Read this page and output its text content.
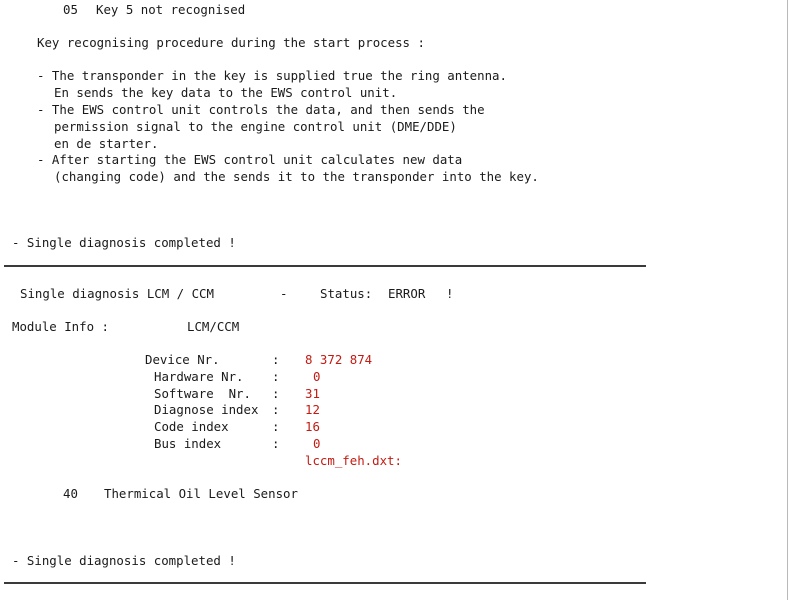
05 Key 5 not recognised
Key recognising procedure during the start process :
- The transponder in the key is supplied true the ring antenna.
En sends the key data to the EWS control unit.
- The EWS control unit controls the data, and then sends the
permission signal to the engine control unit (DME/DDE)
en de starter.
- After starting the EWS control unit calculates new data
(changing code) and the sends it to the transponder into the key.
- Single diagnosis completed !
Single diagnosis LCM / CCM	-	Status: ERROR !
Module Info :	LCM/CCM
Device Nr.	: 8 372 874
Hardware Nr. :	0
Software  Nr. : 31
Diagnose index : 12
Code index	: 16
Bus index	:	0
lccm_feh.dxt:
40 Thermical Oil Level Sensor
- Single diagnosis completed !
